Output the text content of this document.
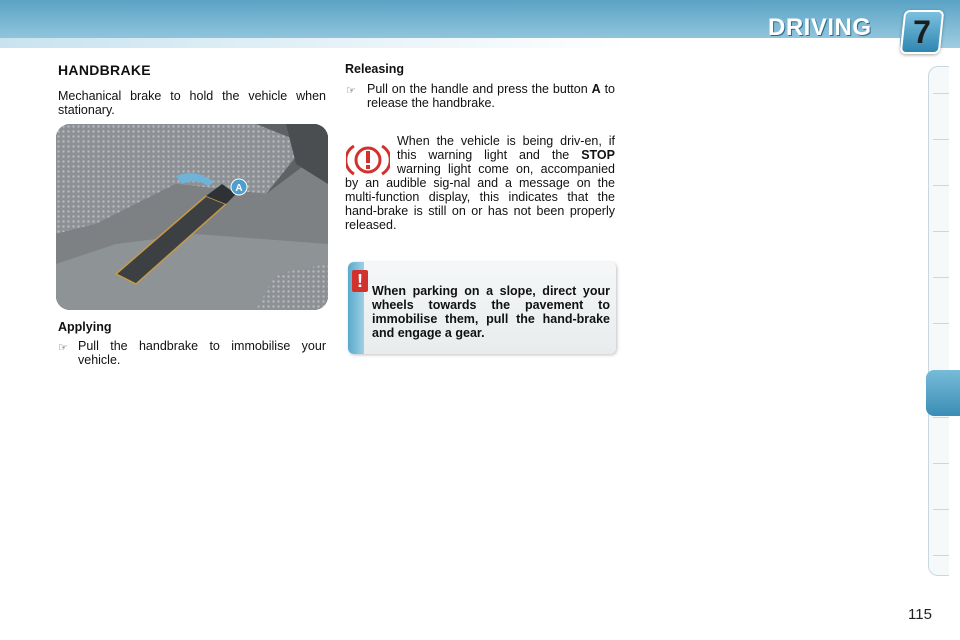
DRIVING 7
HANDBRAKE

Mechanical brake to hold the vehicle when stationary.

A
Applying
☞ Pull the handbrake to immobilise your vehicle.

Releasing
☞ Pull on the handle and press the button A to release the handbrake.

When the vehicle is being driv-en, if this warning light and the STOP warning light come on, accompanied by an audible sig-nal and a message on the multi-function display, this indicates that the hand-brake is still on or has not been properly released.
! When parking on a slope, direct your wheels towards the pavement to immobilise them, pull the hand-brake and engage a gear.

115
